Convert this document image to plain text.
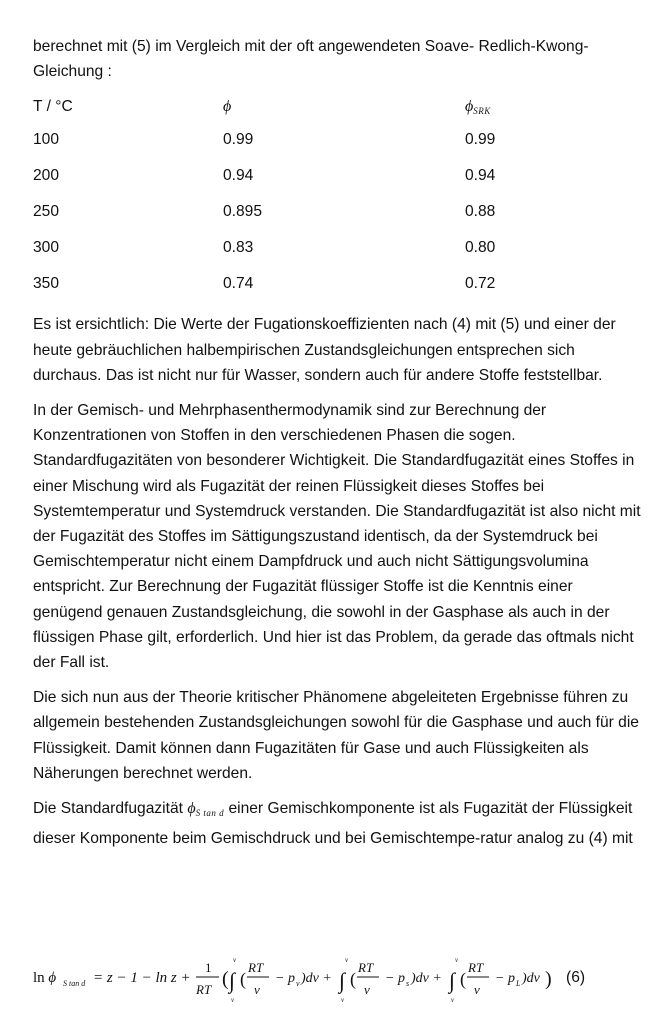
berechnet mit (5) im Vergleich mit der oft angewendeten Soave- Redlich-Kwong- Gleichung :

T / °C	ϕ	$\phi_{SRK}$
100	0.99	0.99
200	0.94	0.94
250	0.895	0.88
300	0.83	0.80
350	0.74	0.72

Es ist ersichtlich: Die Werte der Fugationskoeffizienten nach (4) mit (5) und einer der heute gebräuchlichen halbempirischen Zustandsgleichungen entsprechen sich durchaus. Das ist nicht nur für Wasser, sondern auch für andere Stoffe feststellbar.

In der Gemisch- und Mehrphasenthermodynamik sind zur Berechnung der Konzentrationen von Stoffen in den verschiedenen Phasen die sogen. Standardfugazitäten von besonderer Wichtigkeit. Die Standardfugazität eines Stoffes in einer Mischung wird als Fugazität der reinen Flüssigkeit dieses Stoffes bei Systemtemperatur und Systemdruck verstanden. Die Standardfugazität ist also nicht mit der Fugazität des Stoffes im Sättigungszustand identisch, da der Systemdruck bei Gemischtemperatur nicht einem Dampfdruck und auch nicht Sättigungsvolumina entspricht. Zur Berechnung der Fugazität flüssiger Stoffe ist die Kenntnis einer genügend genauen Zustandsgleichung, die sowohl in der Gasphase als auch in der flüssigen Phase gilt, erforderlich. Und hier ist das Problem, da gerade das oftmals nicht der Fall ist.

Die sich nun aus der Theorie kritischer Phänomene abgeleiteten Ergebnisse führen zu allgemein bestehenden Zustandsgleichungen sowohl für die Gasphase und auch für die Flüssigkeit. Damit können dann Fugazitäten für Gase und auch Flüssigkeiten als Näherungen berechnet werden.

Die Standardfugazität $\phi_{S tan d}$ einer Gemischkomponente ist als Fugazität der Flüssigkeit dieser Komponente beim Gemischdruck und bei Gemischtempe-ratur analog zu (4) mit

ln ϕ S tan d = z − 1 − ln z +
1
RT ( ∫
v
v
(
RT
v
− p v )dv + ∫
v
v
(
RT
v
− p s )dv + ∫
v
v
(
RT
v
− p L )dv ) (6)
